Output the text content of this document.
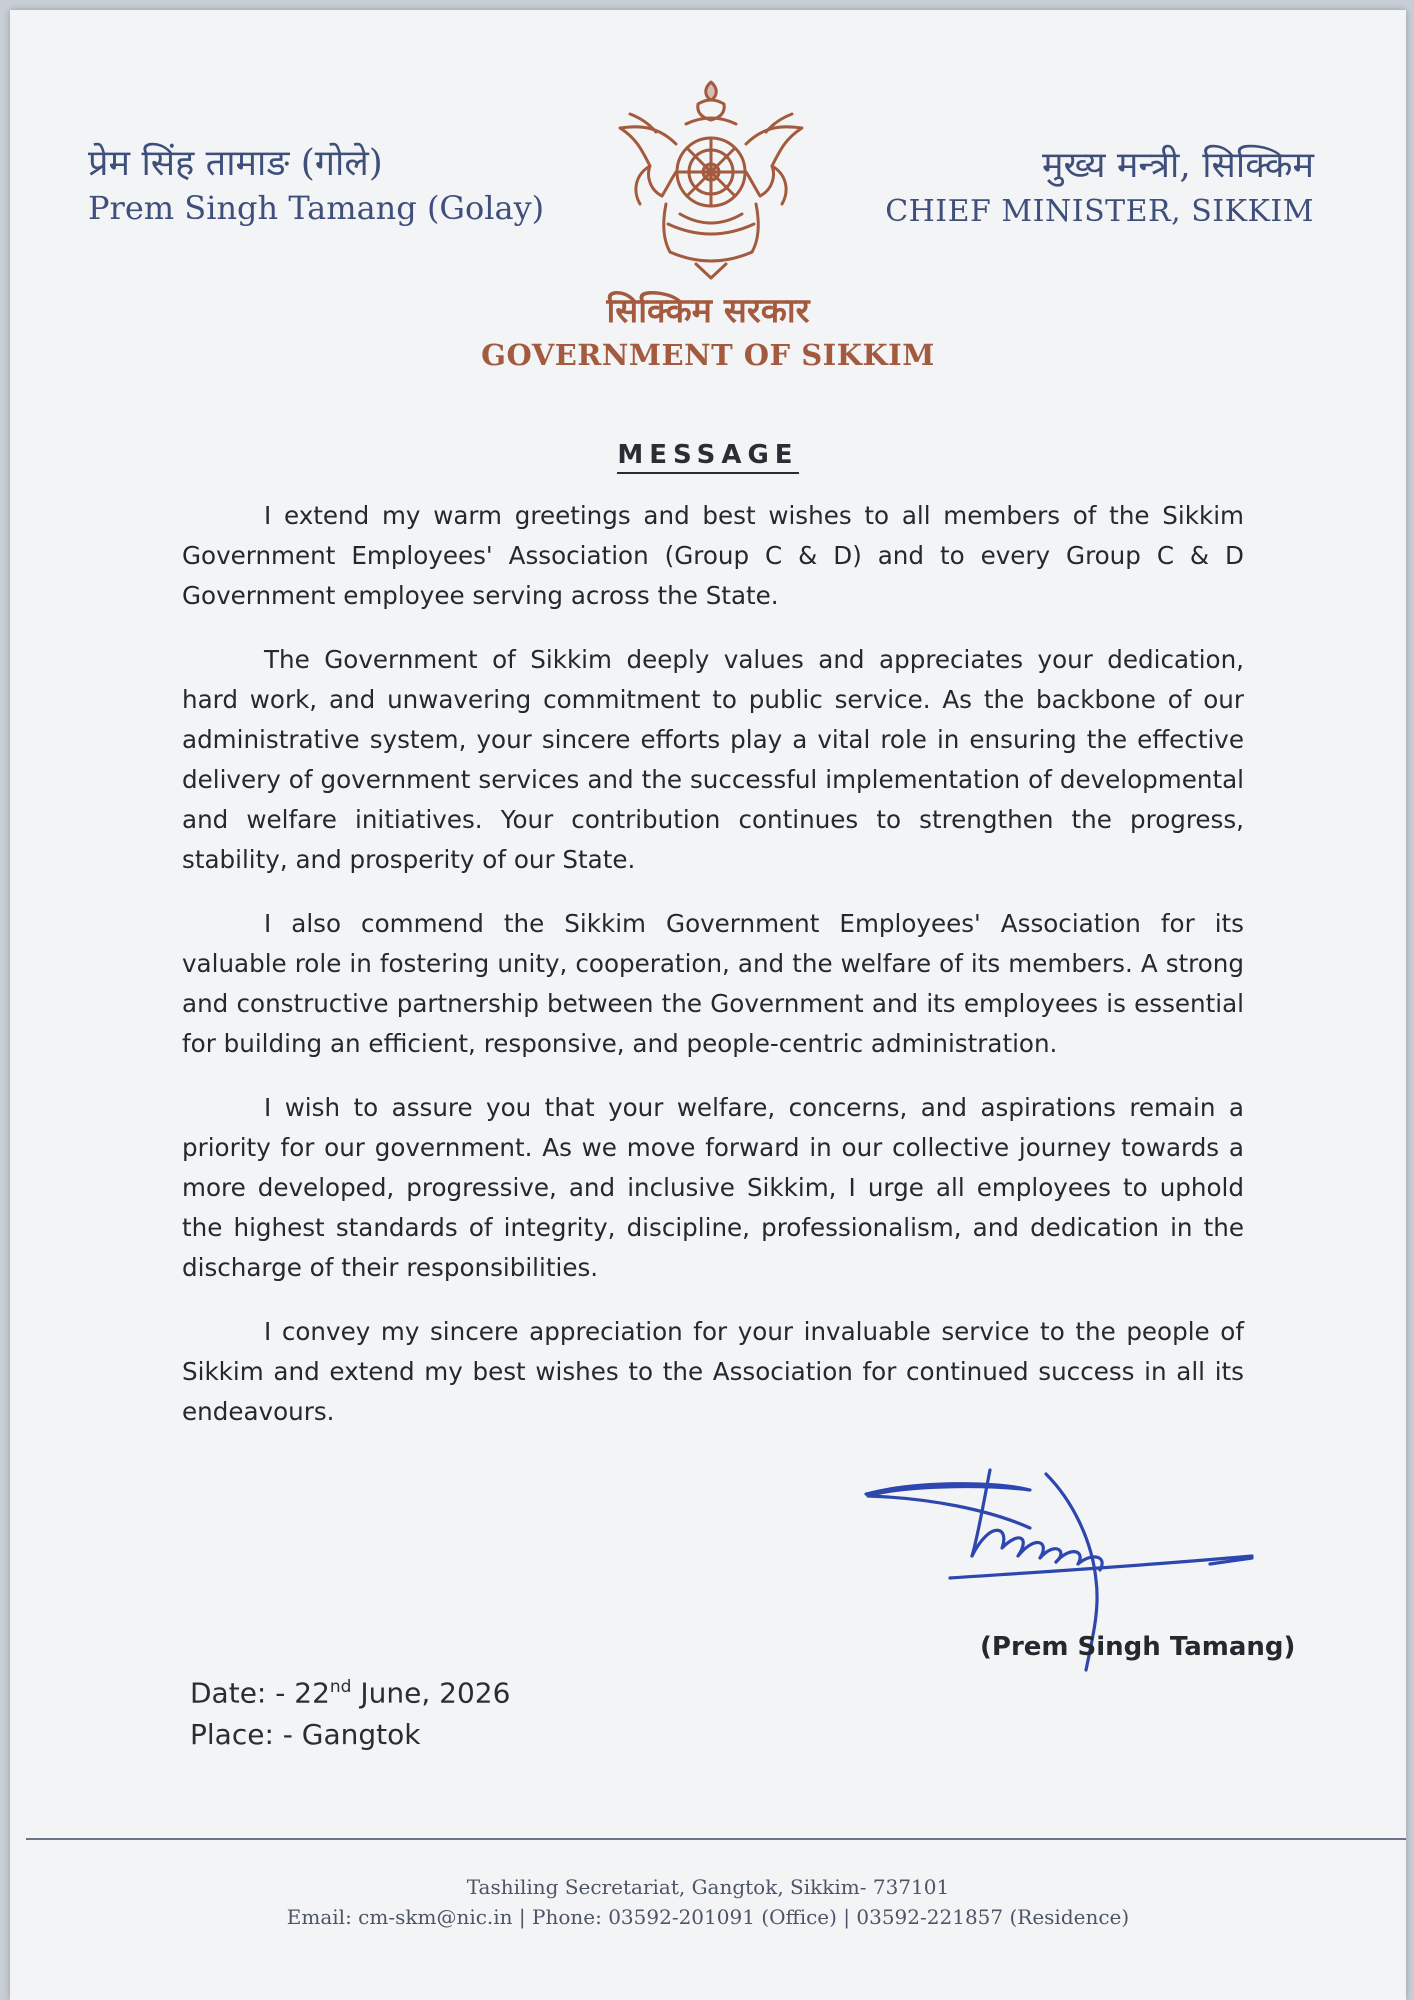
प्रेम सिंह तामाङ (गोले)
Prem Singh Tamang (Golay)
मुख्य मन्त्री, सिक्किम
CHIEF MINISTER, SIKKIM
सिक्किम सरकार
GOVERNMENT OF SIKKIM
MESSAGE

I extend my warm greetings and best wishes to all members of the Sikkim Government Employees' Association (Group C & D) and to every Group C & D Government employee serving across the State.

The Government of Sikkim deeply values and appreciates your dedication, hard work, and unwavering commitment to public service. As the backbone of our administrative system, your sincere efforts play a vital role in ensuring the effective delivery of government services and the successful implementation of developmental and welfare initiatives. Your contribution continues to strengthen the progress, stability, and prosperity of our State.

I also commend the Sikkim Government Employees' Association for its valuable role in fostering unity, cooperation, and the welfare of its members. A strong and constructive partnership between the Government and its employees is essential for building an efficient, responsive, and people-centric administration.

I wish to assure you that your welfare, concerns, and aspirations remain a priority for our government. As we move forward in our collective journey towards a more developed, progressive, and inclusive Sikkim, I urge all employees to uphold the highest standards of integrity, discipline, professionalism, and dedication in the discharge of their responsibilities.

I convey my sincere appreciation for your invaluable service to the people of Sikkim and extend my best wishes to the Association for continued success in all its endeavours.

(Prem Singh Tamang)
Date: - 22nd June, 2026
Place: - Gangtok
Tashiling Secretariat, Gangtok, Sikkim- 737101
Email: cm-skm@nic.in | Phone: 03592-201091 (Office) | 03592-221857 (Residence)
